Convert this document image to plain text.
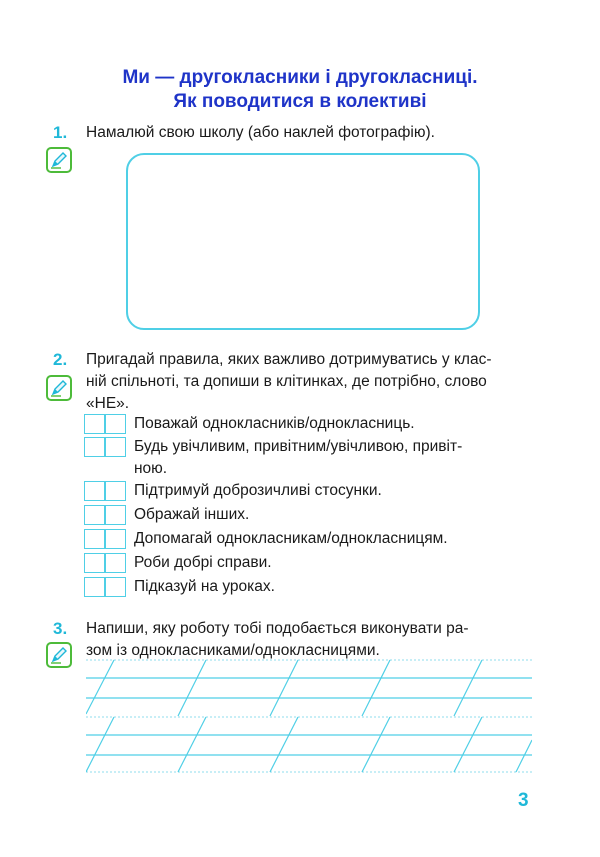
Ми — другокласники і другокласниці.
Як поводитися в колективі
1. Намалюй свою школу (або наклей фотографію).
2. Пригадай правила, яких важливо дотримуватись у клас-
ній спільноті, та допиши в клітинках, де потрібно, слово
«НЕ».
Поважай однокласників/однокласниць.
Будь увічливим, привітним/увічливою, привіт-
ною.
Підтримуй доброзичливі стосунки.
Ображай інших.
Допомагай однокласникам/однокласницям.
Роби добрі справи.
Підказуй на уроках.
3. Напиши, яку роботу тобі подобається виконувати ра-
зом із однокласниками/однокласницями.
3
